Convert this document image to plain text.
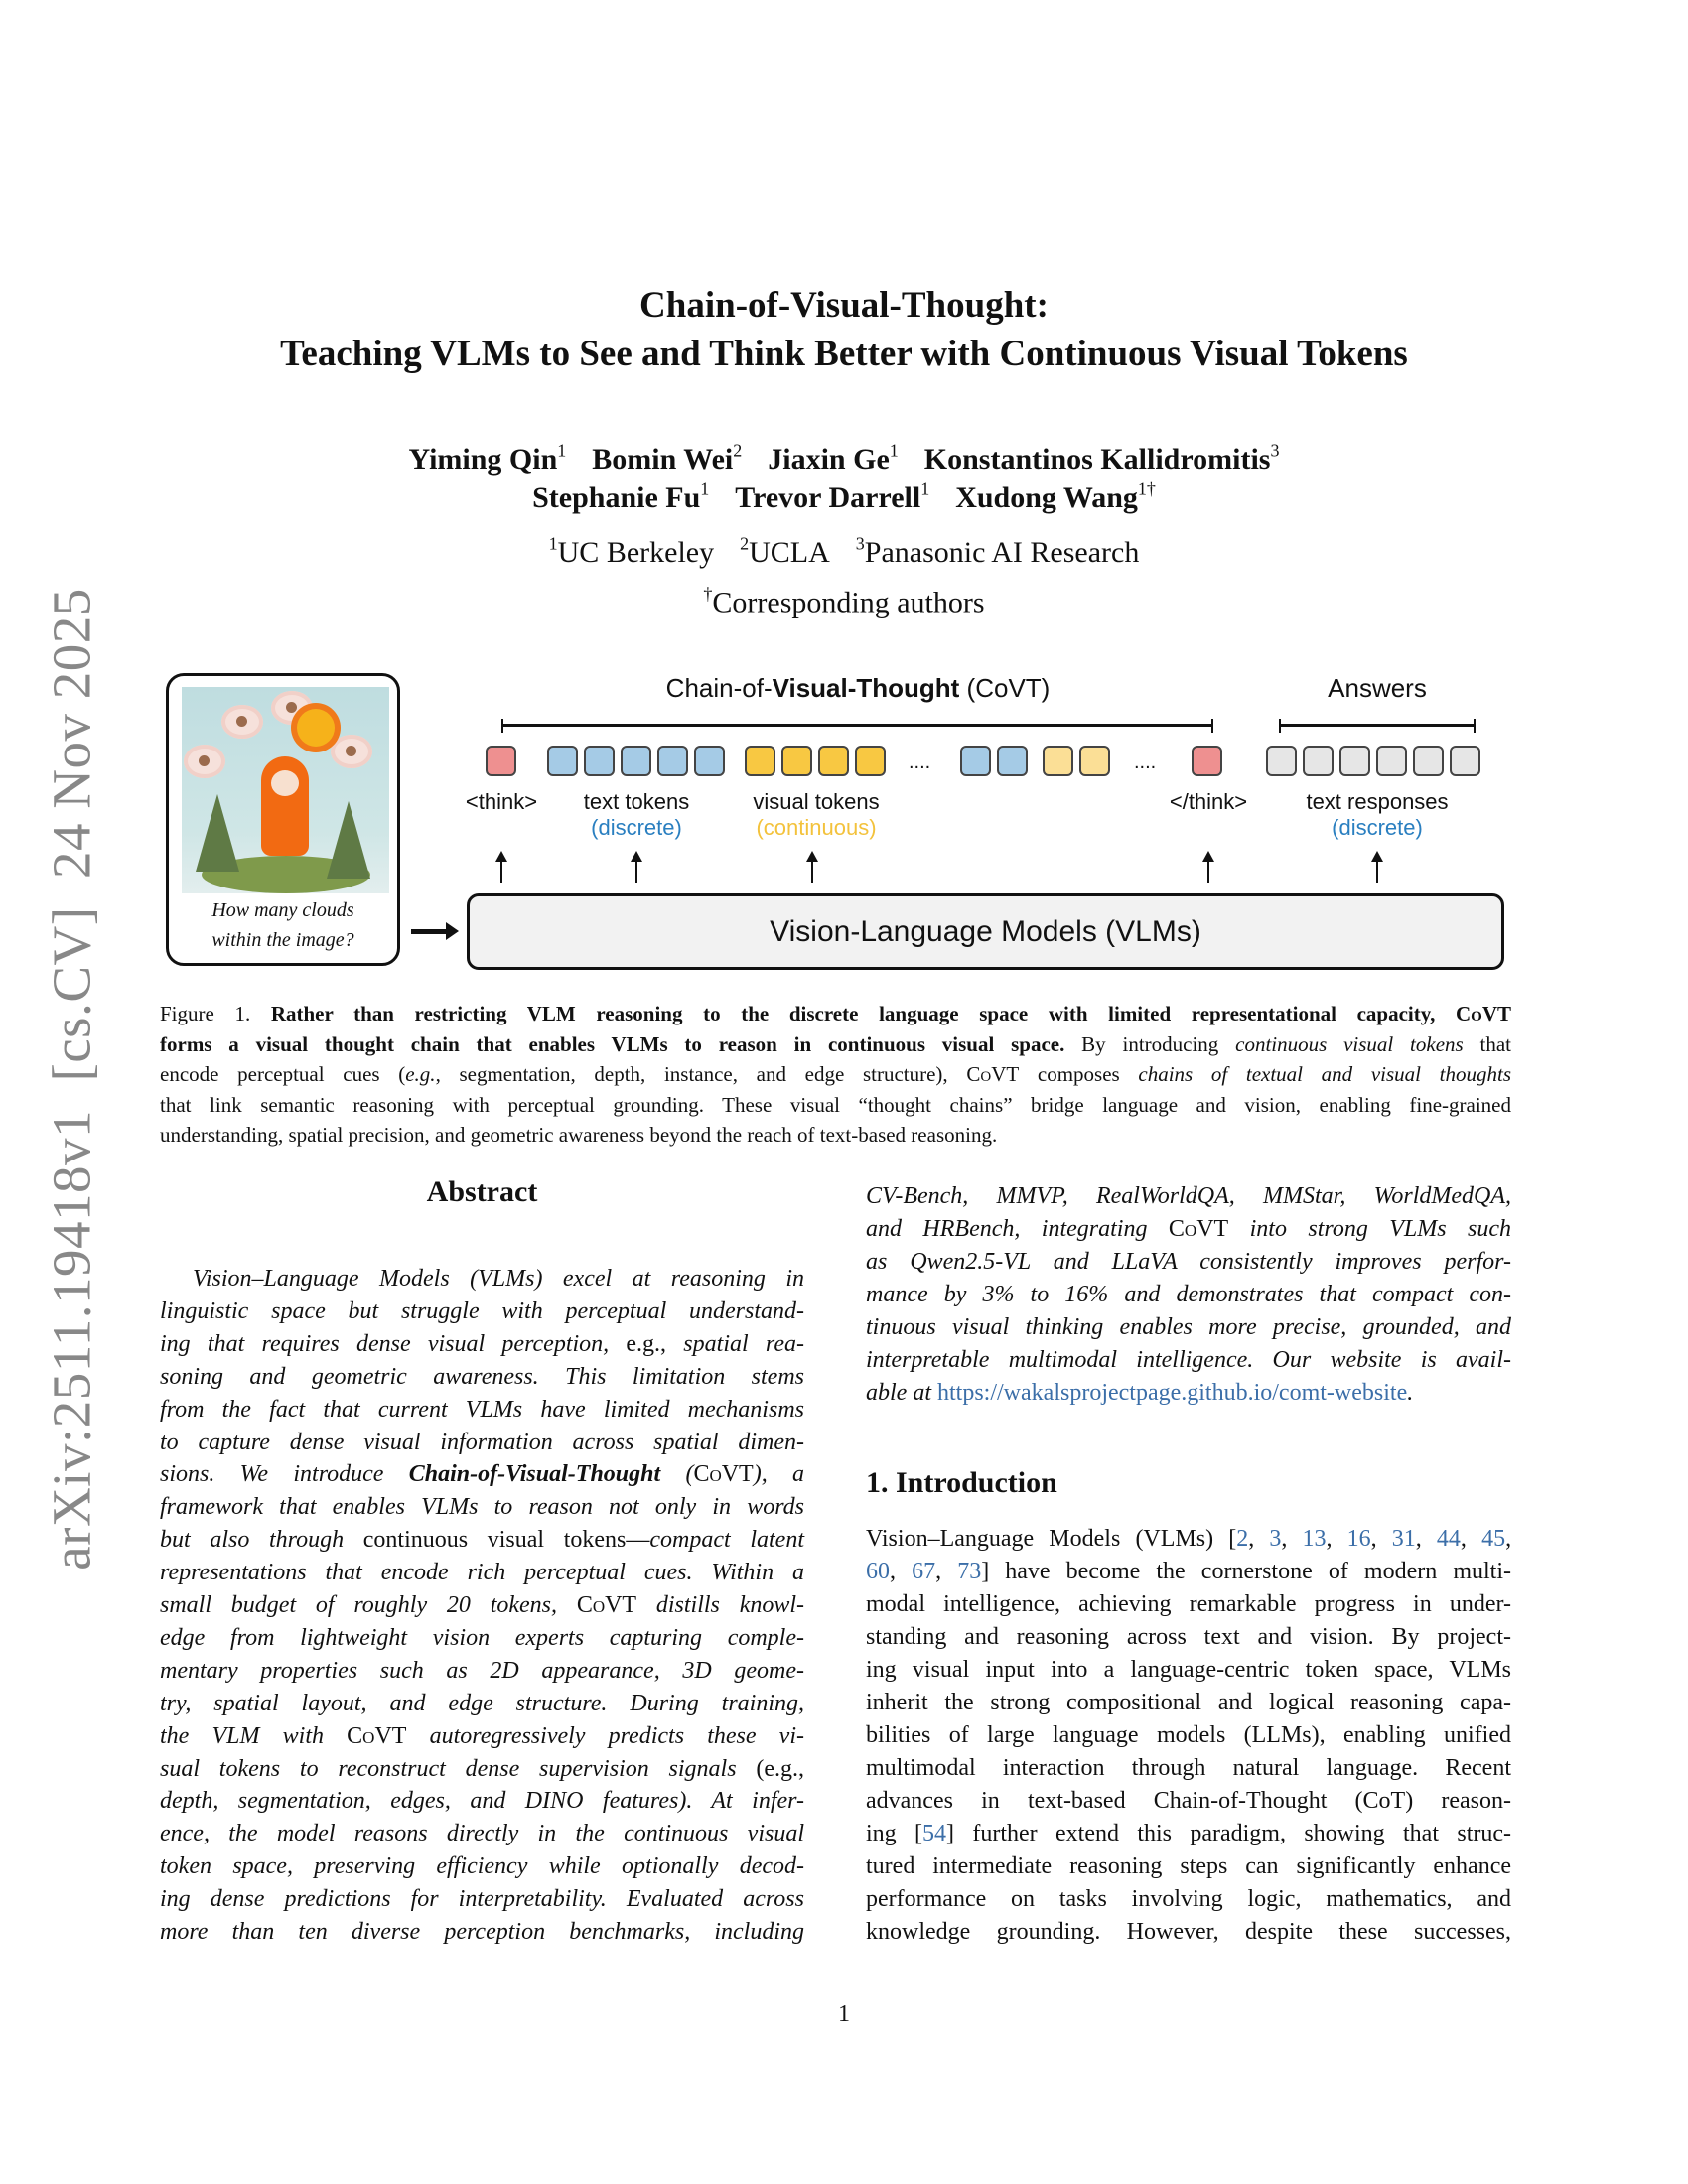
arXiv:2511.19418v1  [cs.CV]  24 Nov 2025
Chain-of-Visual-Thought:
Teaching VLMs to See and Think Better with Continuous Visual Tokens
Yiming Qin$^1$ Bomin Wei$^2$ Jiaxin Ge$^1$ Konstantinos Kallidromitis$^3$
Stephanie Fu$^1$ Trevor Darrell$^1$ Xudong Wang$^{1\dagger}$
$^1$UC Berkeley $^2$UCLA $^3$Panasonic AI Research
†Corresponding authors
How many clouds
within the image?
Chain-of-Visual-Thought (CoVT)	Answers
....	....
<think> text tokens
(discrete)
visual tokens
(continuous)
</think>	text responses
(discrete)
Vision-Language Models (VLMs)
Figure 1. Rather than restricting VLM reasoning to the discrete language space with limited representational capacity, CoVT
forms a visual thought chain that enables VLMs to reason in continuous visual space. By introducing continuous visual tokens that
encode perceptual cues (e.g., segmentation, depth, instance, and edge structure), CoVT composes chains of textual and visual thoughts
that link semantic reasoning with perceptual grounding. These visual “thought chains” bridge language and vision, enabling fine-grained
understanding, spatial precision, and geometric awareness beyond the reach of text-based reasoning.
Abstract
Vision–Language Models (VLMs) excel at reasoning in
linguistic space but struggle with perceptual understand-
ing that requires dense visual perception, e.g., spatial rea-
soning and geometric awareness. This limitation stems
from the fact that current VLMs have limited mechanisms
to capture dense visual information across spatial dimen-
sions. We introduce Chain-of-Visual-Thought (CoVT), a
framework that enables VLMs to reason not only in words
but also through continuous visual tokens—compact latent
representations that encode rich perceptual cues. Within a
small budget of roughly 20 tokens, CoVT distills knowl-
edge from lightweight vision experts capturing comple-
mentary properties such as 2D appearance, 3D geome-
try, spatial layout, and edge structure. During training,
the VLM with CoVT autoregressively predicts these vi-
sual tokens to reconstruct dense supervision signals (e.g.,
depth, segmentation, edges, and DINO features). At infer-
ence, the model reasons directly in the continuous visual
token space, preserving efficiency while optionally decod-
ing dense predictions for interpretability. Evaluated across
more than ten diverse perception benchmarks, including
CV-Bench, MMVP, RealWorldQA, MMStar, WorldMedQA,
and HRBench, integrating CoVT into strong VLMs such
as Qwen2.5-VL and LLaVA consistently improves perfor-
mance by 3% to 16% and demonstrates that compact con-
tinuous visual thinking enables more precise, grounded, and
interpretable multimodal intelligence. Our website is avail-
able at https://wakalsprojectpage.github.io/comt-website.
1. Introduction
Vision–Language Models (VLMs) [2, 3, 13, 16, 31, 44, 45,
60, 67, 73] have become the cornerstone of modern multi-
modal intelligence, achieving remarkable progress in under-
standing and reasoning across text and vision. By project-
ing visual input into a language-centric token space, VLMs
inherit the strong compositional and logical reasoning capa-
bilities of large language models (LLMs), enabling unified
multimodal interaction through natural language. Recent
advances in text-based Chain-of-Thought (CoT) reason-
ing [54] further extend this paradigm, showing that struc-
tured intermediate reasoning steps can significantly enhance
performance on tasks involving logic, mathematics, and
knowledge grounding. However, despite these successes,
1
